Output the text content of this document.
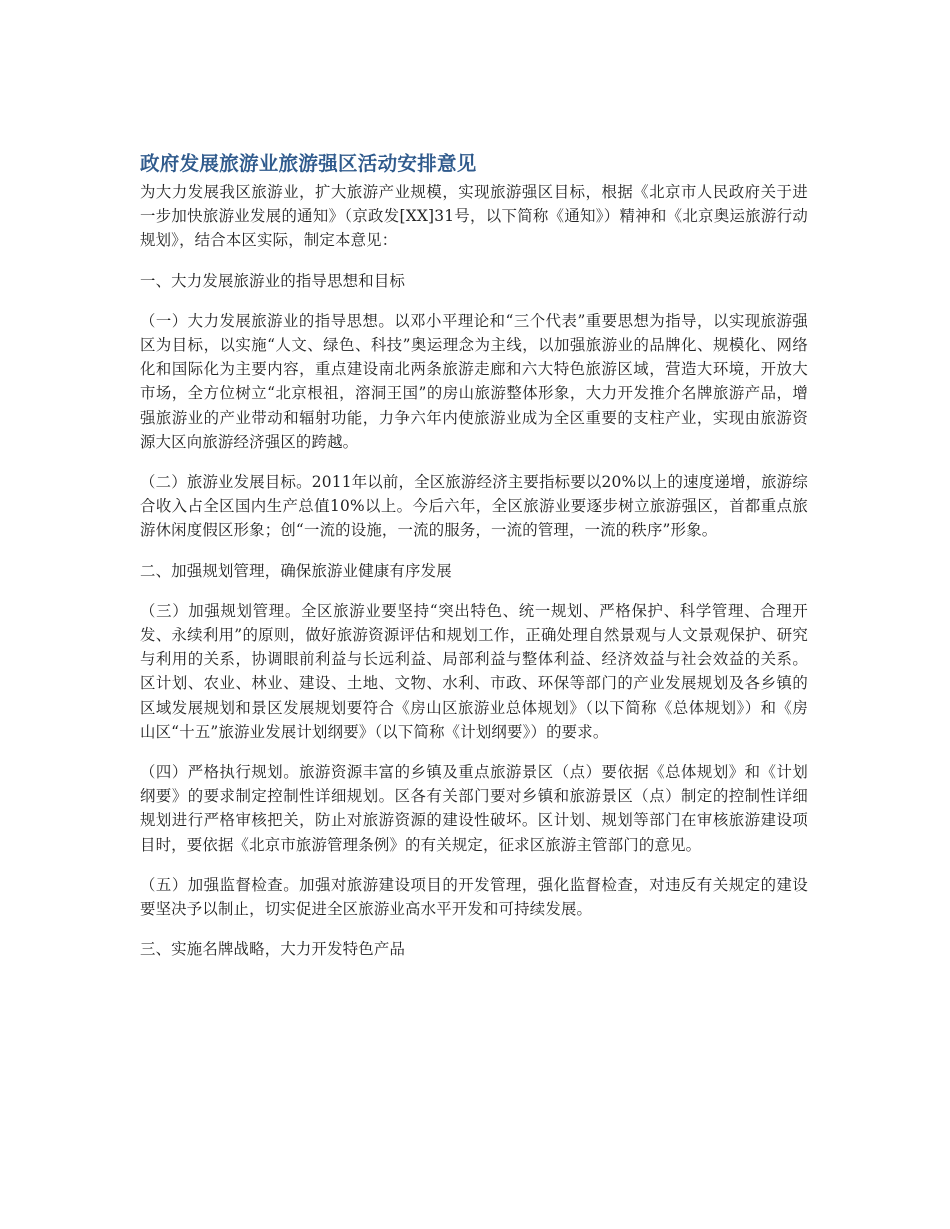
政府发展旅游业旅游强区活动安排意见

为大力发展我区旅游业，扩大旅游产业规模，实现旅游强区目标，根据《北京市人民政府关于进一步加快旅游业发展的通知》（京政发[XX]31号，以下简称《通知》）精神和《北京奥运旅游行动规划》，结合本区实际，制定本意见：

一、大力发展旅游业的指导思想和目标

（一）大力发展旅游业的指导思想。以邓小平理论和“三个代表”重要思想为指导，以实现旅游强区为目标，以实施“人文、绿色、科技”奥运理念为主线，以加强旅游业的品牌化、规模化、网络化和国际化为主要内容，重点建设南北两条旅游走廊和六大特色旅游区域，营造大环境，开放大市场，全方位树立“北京根祖，溶洞王国”的房山旅游整体形象，大力开发推介名牌旅游产品，增强旅游业的产业带动和辐射功能，力争六年内使旅游业成为全区重要的支柱产业，实现由旅游资源大区向旅游经济强区的跨越。

（二）旅游业发展目标。2011年以前，全区旅游经济主要指标要以20%以上的速度递增，旅游综合收入占全区国内生产总值10%以上。今后六年，全区旅游业要逐步树立旅游强区，首都重点旅游休闲度假区形象；创“一流的设施，一流的服务，一流的管理，一流的秩序”形象。

二、加强规划管理，确保旅游业健康有序发展

（三）加强规划管理。全区旅游业要坚持“突出特色、统一规划、严格保护、科学管理、合理开发、永续利用”的原则，做好旅游资源评估和规划工作，正确处理自然景观与人文景观保护、研究与利用的关系，协调眼前利益与长远利益、局部利益与整体利益、经济效益与社会效益的关系。区计划、农业、林业、建设、土地、文物、水利、市政、环保等部门的产业发展规划及各乡镇的区域发展规划和景区发展规划要符合《房山区旅游业总体规划》（以下简称《总体规划》）和《房山区“十五”旅游业发展计划纲要》（以下简称《计划纲要》）的要求。

（四）严格执行规划。旅游资源丰富的乡镇及重点旅游景区（点）要依据《总体规划》和《计划纲要》的要求制定控制性详细规划。区各有关部门要对乡镇和旅游景区（点）制定的控制性详细规划进行严格审核把关，防止对旅游资源的建设性破坏。区计划、规划等部门在审核旅游建设项目时，要依据《北京市旅游管理条例》的有关规定，征求区旅游主管部门的意见。

（五）加强监督检查。加强对旅游建设项目的开发管理，强化监督检查，对违反有关规定的建设要坚决予以制止，切实促进全区旅游业高水平开发和可持续发展。

三、实施名牌战略，大力开发特色产品
